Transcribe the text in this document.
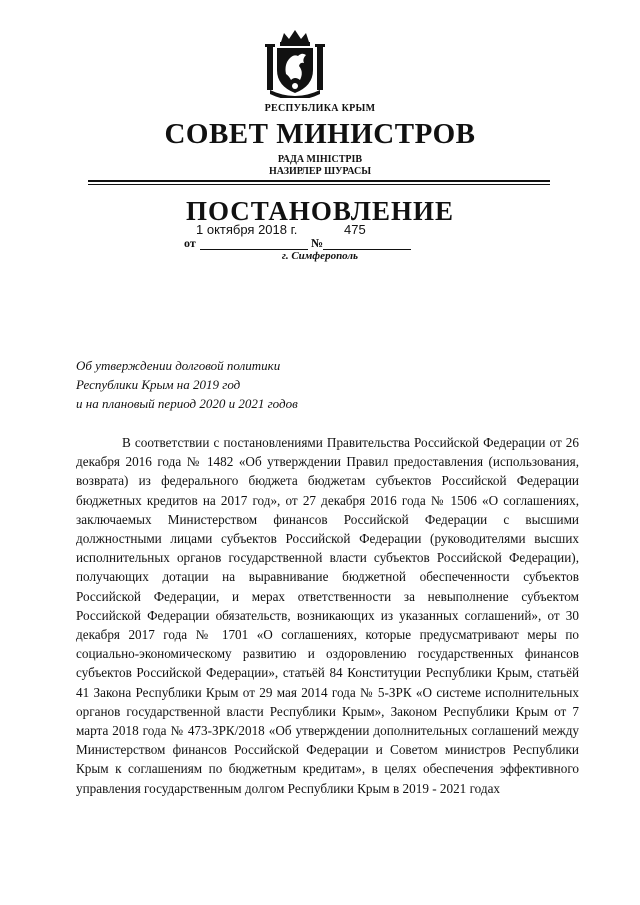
РЕСПУБЛИКА КРЫМ
СОВЕТ МИНИСТРОВ
РАДА МІНІСТРІВ
НАЗИРЛЕР ШУРАСЫ
ПОСТАНОВЛЕНИЕ
1 октября 2018 г.	475
от	№
г. Симферополь
Об утверждении долговой политики
Республики Крым на 2019 год
и на плановый период 2020 и 2021 годов

В соответствии с постановлениями Правительства Российской Федерации от 26 декабря 2016 года № 1482 «Об утверждении Правил предоставления (использования, возврата) из федерального бюджета бюджетам субъектов Российской Федерации бюджетных кредитов на 2017 год», от 27 декабря 2016 года № 1506 «О соглашениях, заключаемых Министерством финансов Российской Федерации с высшими должностными лицами субъектов Российской Федерации (руководителями высших исполнительных органов государственной власти субъектов Российской Федерации), получающих дотации на выравнивание бюджетной обеспеченности субъектов Российской Федерации, и мерах ответственности за невыполнение субъектом Российской Федерации обязательств, возникающих из указанных соглашений», от 30 декабря 2017 года № 1701 «О соглашениях, которые предусматривают меры по социально-экономическому развитию и оздоровлению государственных финансов субъектов Российской Федерации», статьёй 84 Конституции Республики Крым, статьёй 41 Закона Республики Крым от 29 мая 2014 года № 5-ЗРК «О системе исполнительных органов государственной власти Республики Крым», Законом Республики Крым от 7 марта 2018 года № 473-ЗРК/2018 «Об утверждении дополнительных соглашений между Министерством финансов Российской Федерации и Советом министров Республики Крым к соглашениям по бюджетным кредитам», в целях обеспечения эффективного управления государственным долгом Республики Крым в 2019 - 2021 годах
